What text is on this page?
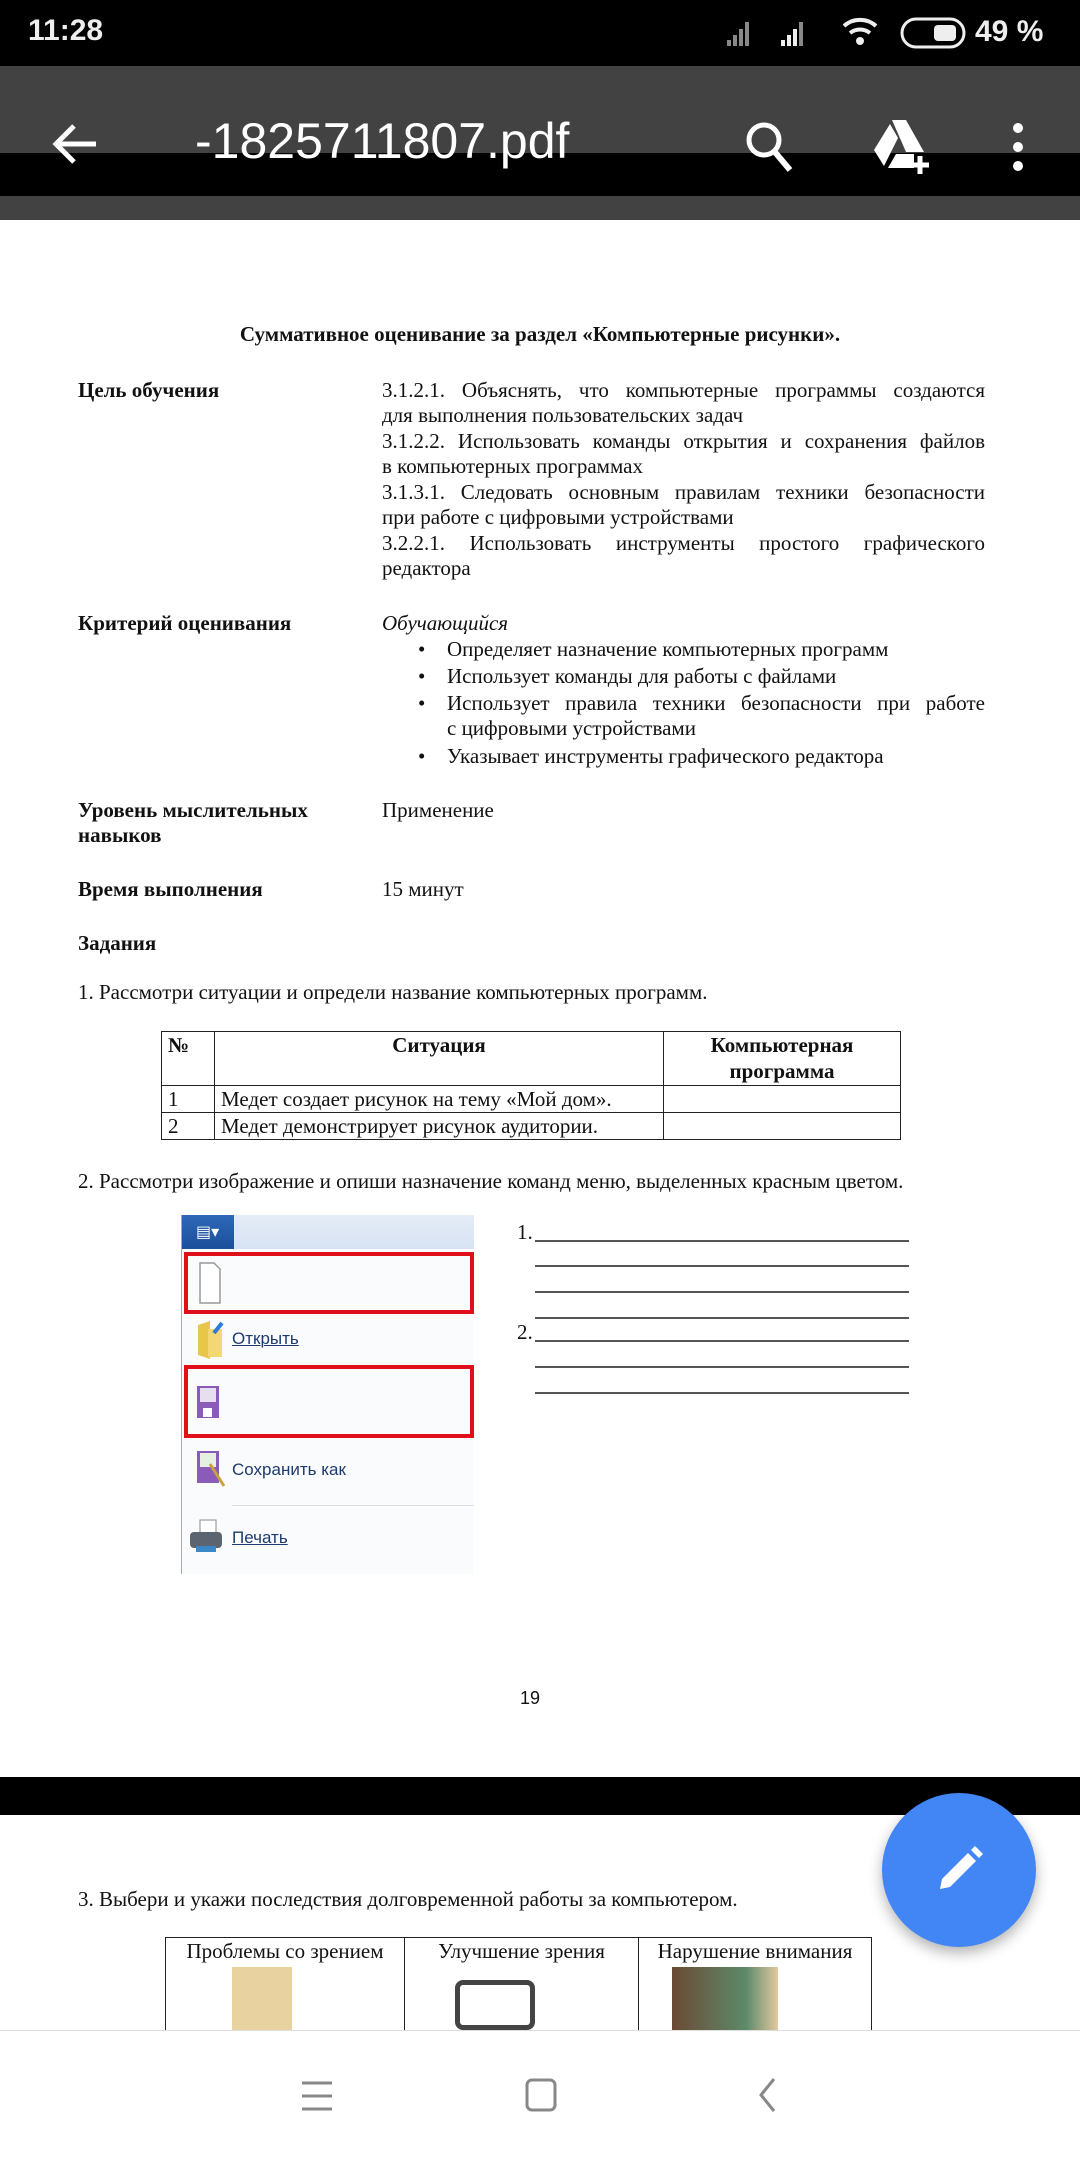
11:28	49 %
-1825711807.pdf
Суммативное оценивание за раздел «Компьютерные рисунки».
Цель обучения	3.1.2.1. Объяснять, что компьютерные программы создаются
для выполнения пользовательских задач
3.1.2.2. Использовать команды открытия и сохранения файлов
в компьютерных программах
3.1.3.1. Следовать основным правилам техники безопасности
при работе с цифровыми устройствами
3.2.2.1. Использовать инструменты простого графического
редактора
Критерий оценивания	Обучающийся
• Определяет назначение компьютерных программ
• Использует команды для работы с файлами
• Использует правила техники безопасности при работе
с цифровыми устройствами
• Указывает инструменты графического редактора
Уровень мыслительных
навыков
Применение
Время выполнения	15 минут
Задания
1. Рассмотри ситуации и определи название компьютерных программ.
№	Ситуация	Компьютерная программа
1	Медет создает рисунок на тему «Мой дом».	
2	Медет демонстрирует рисунок аудитории.	
2. Рассмотри изображение и опиши назначение команд меню, выделенных красным цветом.
▤▾
Открыть
Сохранить как
Печать
1.
2.
19
3. Выбери и укажи последствия долговременной работы за компьютером.
Проблемы со зрением	Улучшение зрения	Нарушение внимания
